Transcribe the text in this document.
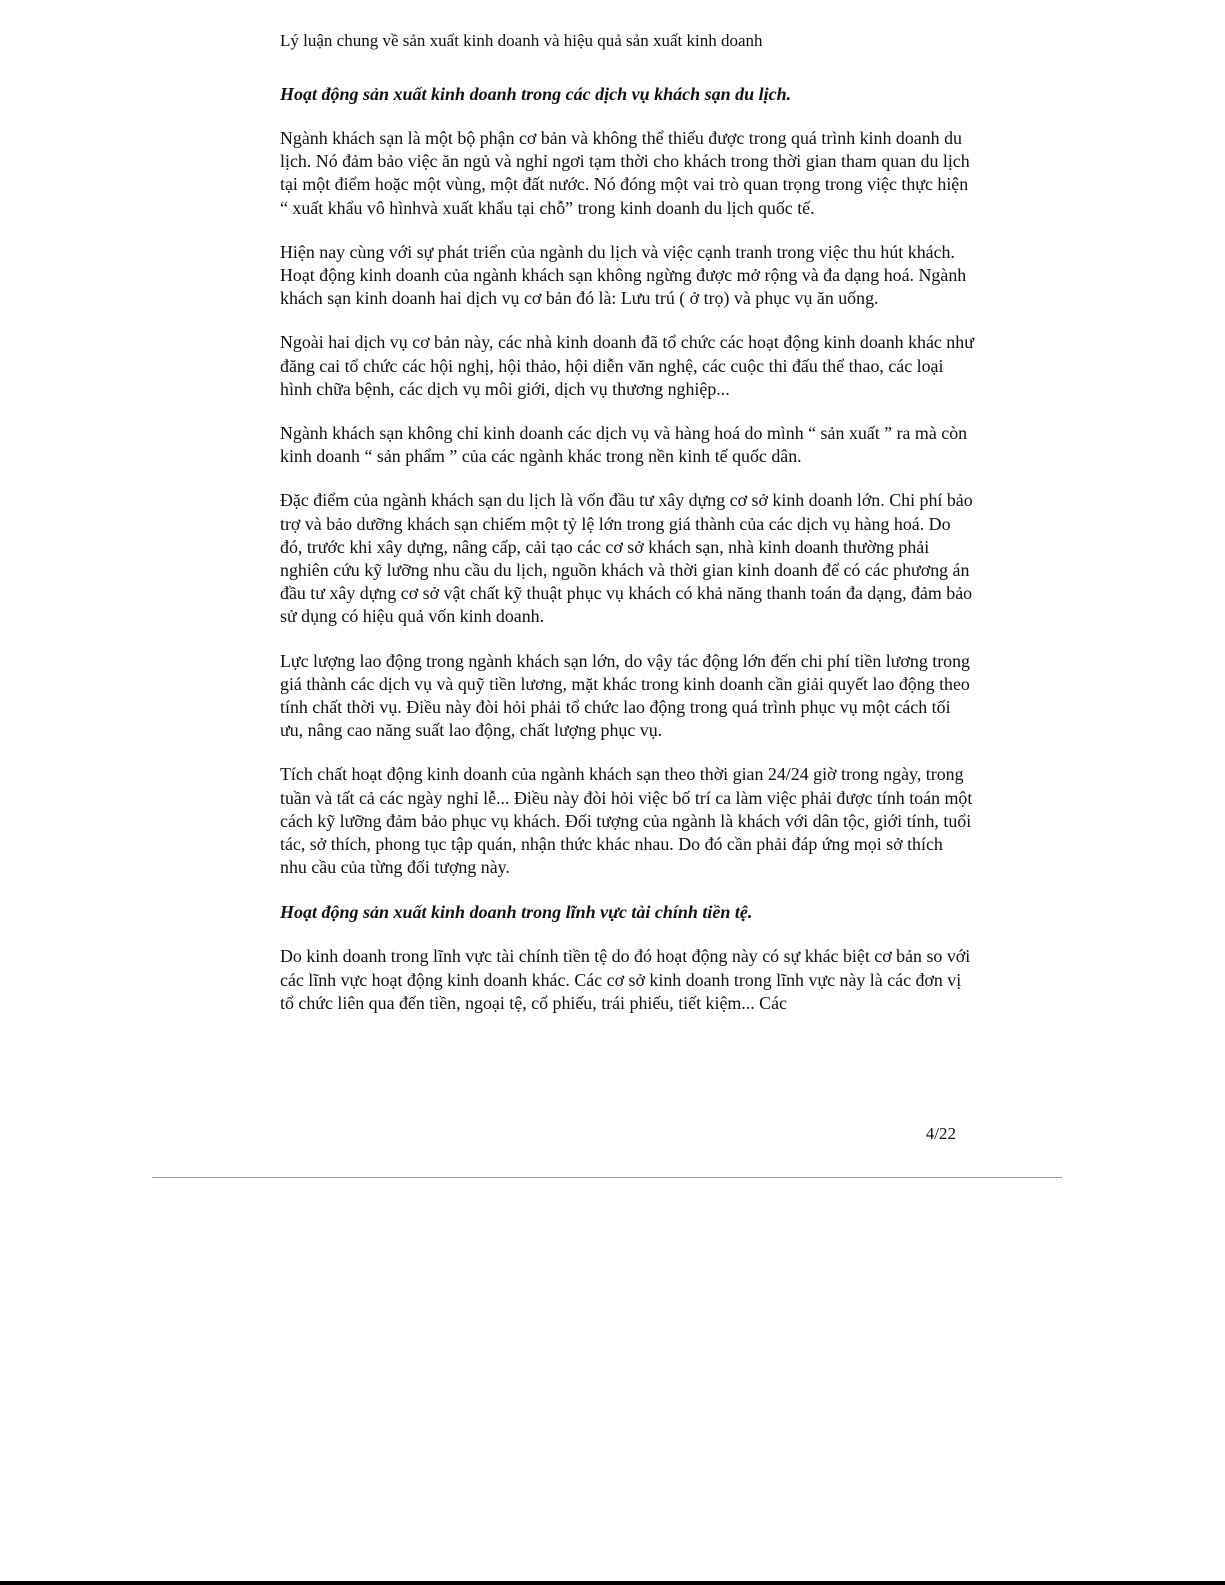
Lý luận chung về sản xuất kinh doanh và hiệu quả sản xuất kinh doanh
Hoạt động sản xuất kinh doanh trong các dịch vụ khách sạn du lịch.

Ngành khách sạn là một bộ phận cơ bản và không thể thiếu được trong quá trình kinh doanh du lịch. Nó đảm bảo việc ăn ngủ và nghỉ ngơi tạm thời cho khách trong thời gian tham quan du lịch tại một điểm hoặc một vùng, một đất nước. Nó đóng một vai trò quan trọng trong việc thực hiện “ xuất khẩu vô hìnhvà xuất khẩu tại chỗ” trong kinh doanh du lịch quốc tế.

Hiện nay cùng với sự phát triển của ngành du lịch và việc cạnh tranh trong việc thu hút khách. Hoạt động kinh doanh của ngành khách sạn không ngừng được mở rộng và đa dạng hoá. Ngành khách sạn kinh doanh hai dịch vụ cơ bản đó là: Lưu trú ( ở trọ) và phục vụ ăn uống.

Ngoài hai dịch vụ cơ bản này, các nhà kinh doanh đã tổ chức các hoạt động kinh doanh khác như đăng cai tổ chức các hội nghị, hội thảo, hội diễn văn nghệ, các cuộc thi đấu thể thao, các loại hình chữa bệnh, các dịch vụ môi giới, dịch vụ thương nghiệp...

Ngành khách sạn không chỉ kinh doanh các dịch vụ và hàng hoá do mình “ sản xuất ” ra mà còn kinh doanh “ sản phẩm ” của các ngành khác trong nền kinh tế quốc dân.

Đặc điểm của ngành khách sạn du lịch là vốn đầu tư xây dựng cơ sở kinh doanh lớn. Chi phí bảo trợ và bảo dưỡng khách sạn chiếm một tỷ lệ lớn trong giá thành của các dịch vụ hàng hoá. Do đó, trước khi xây dựng, nâng cấp, cải tạo các cơ sở khách sạn, nhà kinh doanh thường phải nghiên cứu kỹ lưỡng nhu cầu du lịch, nguồn khách và thời gian kinh doanh để có các phương án đầu tư xây dựng cơ sở vật chất kỹ thuật phục vụ khách có khả năng thanh toán đa dạng, đảm bảo sử dụng có hiệu quả vốn kinh doanh.

Lực lượng lao động trong ngành khách sạn lớn, do vậy tác động lớn đến chi phí tiền lương trong giá thành các dịch vụ và quỹ tiền lương, mặt khác trong kinh doanh cần giải quyết lao động theo tính chất thời vụ. Điều này đòi hỏi phải tổ chức lao động trong quá trình phục vụ một cách tối ưu, nâng cao năng suất lao động, chất lượng phục vụ.

Tích chất hoạt động kinh doanh của ngành khách sạn theo thời gian 24/24 giờ trong ngày, trong tuần và tất cả các ngày nghỉ lễ... Điều này đòi hỏi việc bố trí ca làm việc phải được tính toán một cách kỹ lưỡng đảm bảo phục vụ khách. Đối tượng của ngành là khách với dân tộc, giới tính, tuổi tác, sở thích, phong tục tập quán, nhận thức khác nhau. Do đó cần phải đáp ứng mọi sở thích nhu cầu của từng đối tượng này.

Hoạt động sản xuất kinh doanh trong lĩnh vực tài chính tiền tệ.

Do kinh doanh trong lĩnh vực tài chính tiền tệ do đó hoạt động này có sự khác biệt cơ bản so với các lĩnh vực hoạt động kinh doanh khác. Các cơ sở kinh doanh trong lĩnh vực này là các đơn vị tổ chức liên qua đến tiền, ngoại tệ, cổ phiếu, trái phiếu, tiết kiệm... Các

4/22
